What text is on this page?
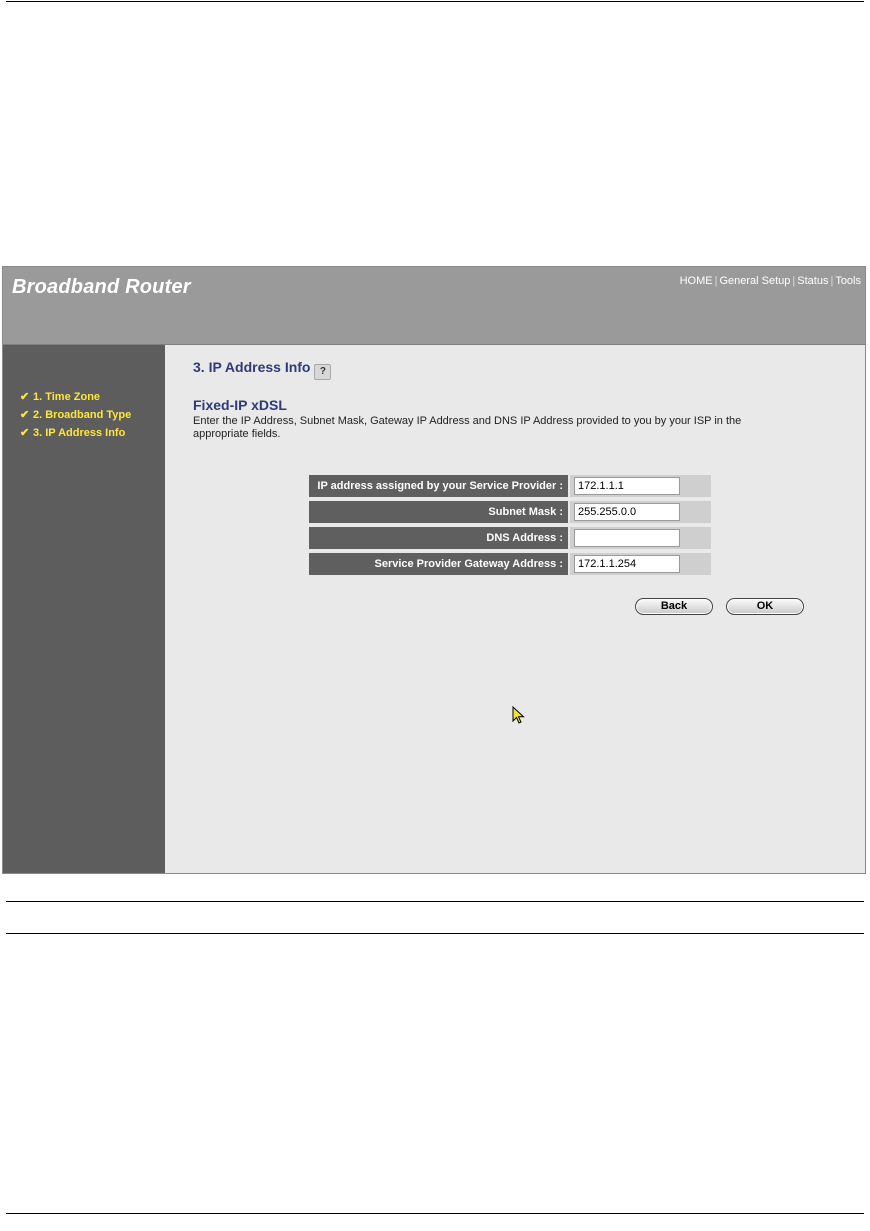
Broadband Router	HOME | General Setup | Status | Tools
✔ 1. Time Zone
✔ 2. Broadband Type
✔ 3. IP Address Info
3. IP Address Info ?
Fixed-IP xDSL
Enter the IP Address, Subnet Mask, Gateway IP Address and DNS IP Address provided to you by your ISP in the appropriate fields.
IP address assigned by your Service Provider :
172.1.1.1
Subnet Mask :
255.255.0.0
DNS Address :
Service Provider Gateway Address :
172.1.1.254
Back	OK
